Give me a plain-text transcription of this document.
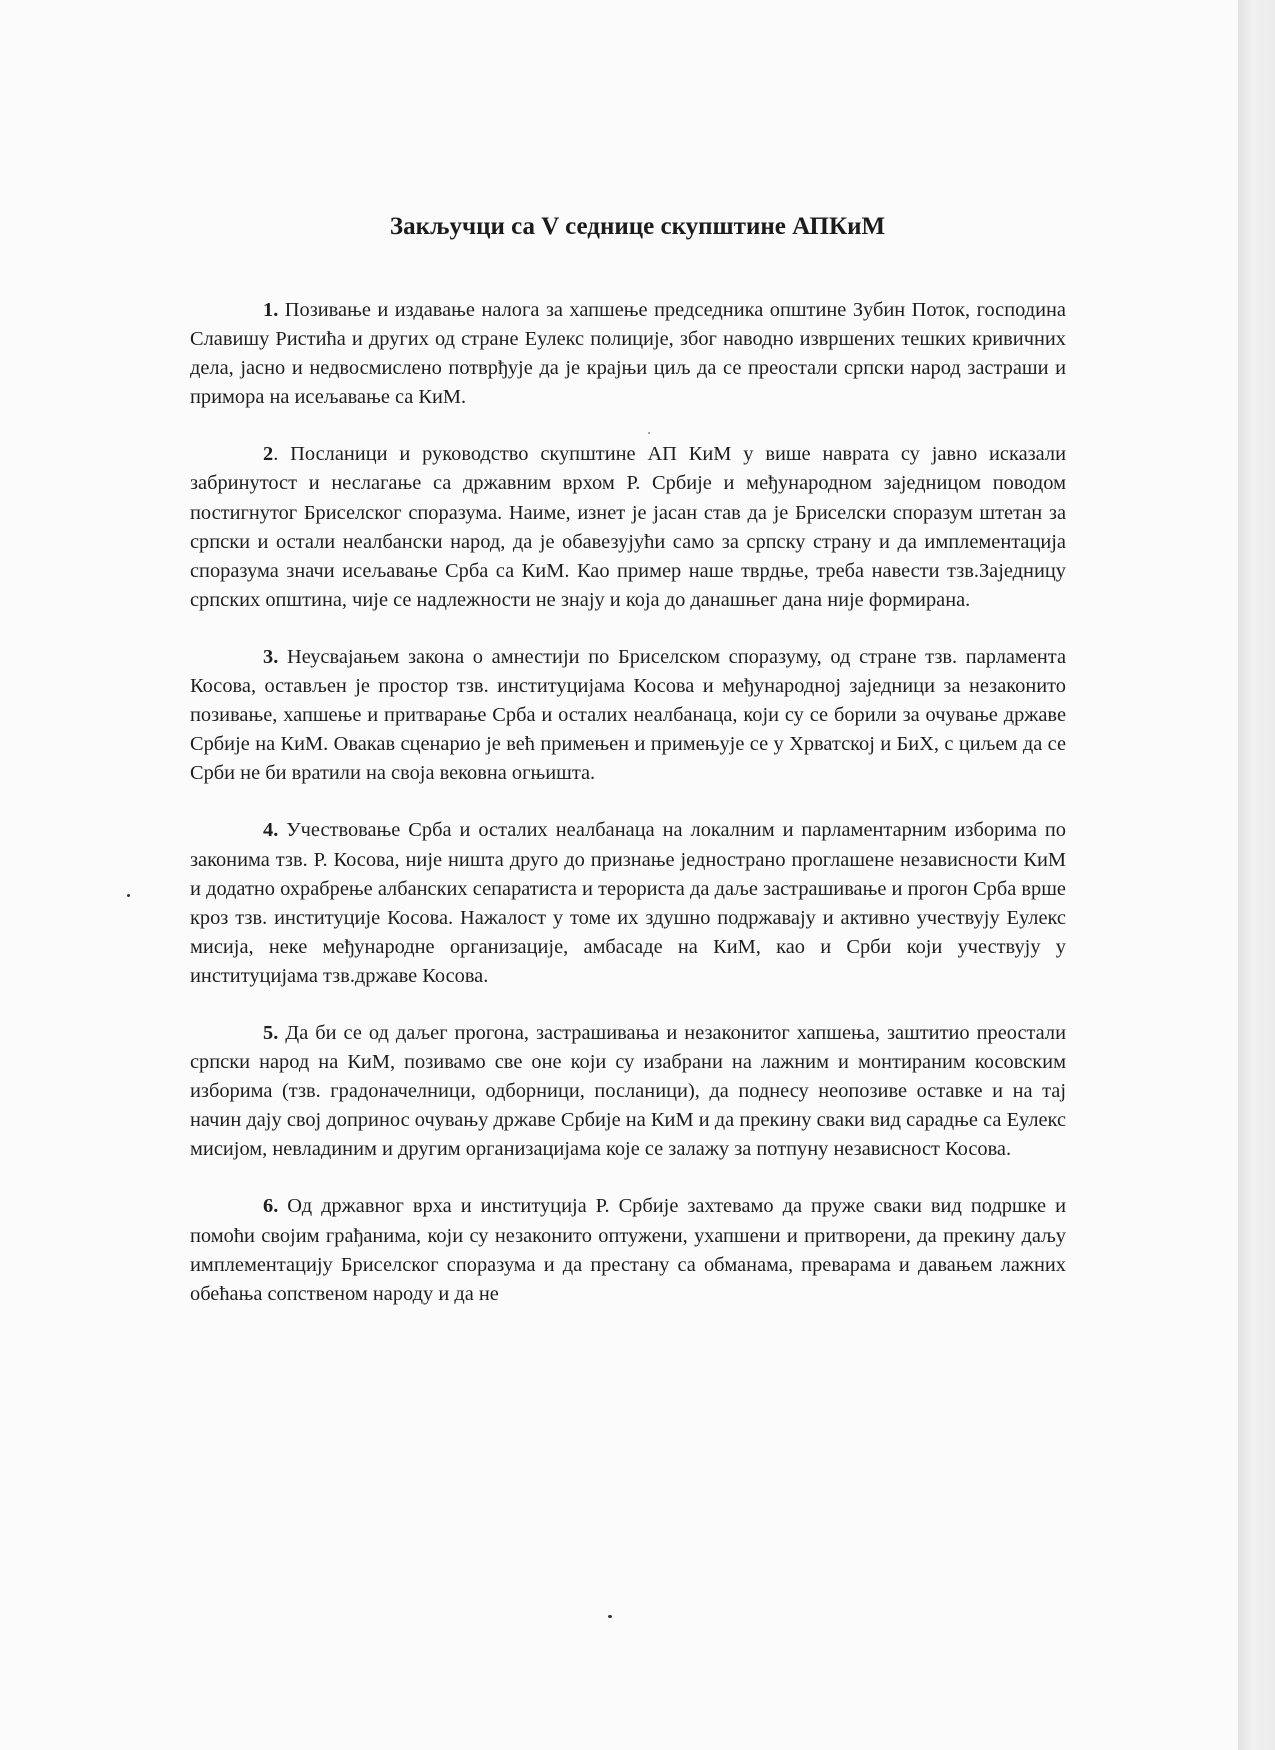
Закључци са V седнице скупштине АПКиМ

1. Позивање и издавање налога за хапшење председника општине Зубин Поток, господина Славишу Ристића и других од стране Еулекс полиције, због наводно извршених тешких кривичних дела, јасно и недвосмислено потврђује да је крајњи циљ да се преостали српски народ застраши и примора на исељавање са КиМ.

2. Посланици и руководство скупштине АП КиМ у више наврата су јавно исказали забринутост и неслагање са државним врхом Р. Србије и међународном заједницом поводом постигнутог Бриселског споразума. Наиме, изнет је јасан став да је Бриселски споразум штетан за српски и остали неалбански народ, да је обавезујући само за српску страну и да имплементација споразума значи исељавање Срба са КиМ. Као пример наше тврдње, треба навести тзв.Заједницу српских општина, чије се надлежности не знају и која до данашњег дана није формирана.

3. Неусвајањем закона о амнестији по Бриселском споразуму, од стране тзв. парламента Косова, остављен је простор тзв. институцијама Косова и међународној заједници за незаконито позивање, хапшење и притварање Срба и осталих неалбанаца, који су се борили за очување државе Србије на КиМ. Овакав сценарио је већ примењен и примењује се у Хрватској и БиХ, с циљем да се Срби не би вратили на своја вековна огњишта.

4. Учествовање Срба и осталих неалбанаца на локалним и парламентарним изборима по законима тзв. Р. Косова, није ништа друго до признање једнострано проглашене независности КиМ и додатно охрабрење албанских сепаратиста и терориста да даље застрашивање и прогон Срба врше кроз тзв. институције Косова. Нажалост у томе их здушно подржавају и активно учествују Еулекс мисија, неке међународне организације, амбасаде на КиМ, као и Срби који учествују у институцијама тзв.државе Косова.

5. Да би се од даљег прогона, застрашивања и незаконитог хапшења, заштитио преостали српски народ на КиМ, позивамо све оне који су изабрани на лажним и монтираним косовским изборима (тзв. градоначелници, одборници, посланици), да поднесу неопозиве оставке и на тај начин дају свој допринос очувању државе Србије на КиМ и да прекину сваки вид сарадње са Еулекс мисијом, невладиним и другим организацијама које се залажу за потпуну независност Косова.

6. Од државног врха и институција Р. Србије захтевамо да пруже сваки вид подршке и помоћи својим грађанима, који су незаконито оптужени, ухапшени и притворени, да прекину даљу имплементацију Бриселског споразума и да престану са обманама, преварама и давањем лажних обећања сопственом народу и да не
